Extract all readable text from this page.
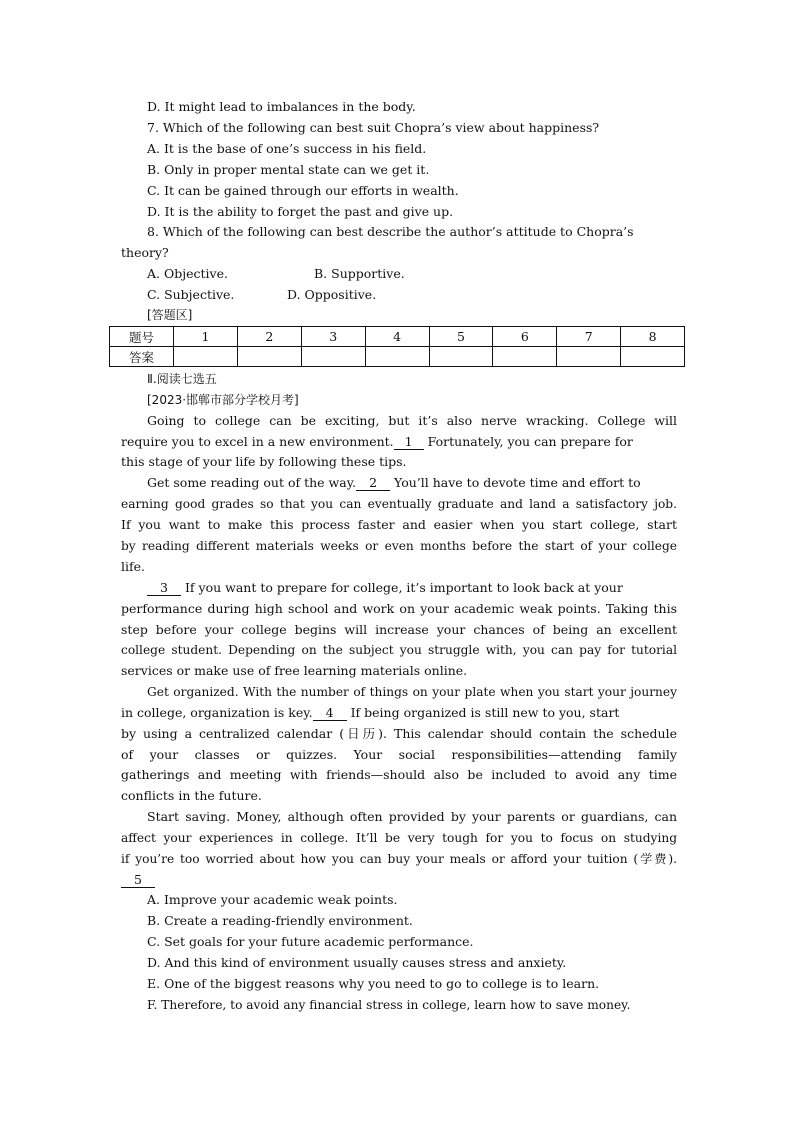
D. It might lead to imbalances in the body.
7. Which of the following can best suit Chopra’s view about happiness?
A. It is the base of one’s success in his field.
B. Only in proper mental state can we get it.
C. It can be gained through our efforts in wealth.
D. It is the ability to forget the past and give up.
8. Which of the following can best describe the author’s attitude to Chopra’s
theory?
A. Objective.	B. Supportive.
C. Subjective.	D. Oppositive.
[答题区]
题号	1	2	3	4	5	6	7	8
答案								
Ⅱ.阅读七选五
[2023·邯郸市部分学校月考]
Going to college can be exciting, but it’s also nerve wracking. College will
require you to excel in a new environment. 1 Fortunately, you can prepare for
this stage of your life by following these tips.
Get some reading out of the way. 2 You’ll have to devote time and effort to
earning good grades so that you can eventually graduate and land a satisfactory job.
If you want to make this process faster and easier when you start college, start
by reading different materials weeks or even months before the start of your college
life.
3 If you want to prepare for college, it’s important to look back at your
performance during high school and work on your academic weak points. Taking this
step before your college begins will increase your chances of being an excellent
college student. Depending on the subject you struggle with, you can pay for tutorial
services or make use of free learning materials online.
Get organized. With the number of things on your plate when you start your journey
in college, organization is key. 4 If being organized is still new to you, start
by using a centralized calendar (日历). This calendar should contain the schedule
of your classes or quizzes. Your social responsibilities—attending family
gatherings and meeting with friends—should also be included to avoid any time
conflicts in the future.
Start saving. Money, although often provided by your parents or guardians, can
affect your experiences in college. It’ll be very tough for you to focus on studying
if you’re too worried about how you can buy your meals or afford your tuition (学费).
5
A. Improve your academic weak points.
B. Create a reading-friendly environment.
C. Set goals for your future academic performance.
D. And this kind of environment usually causes stress and anxiety.
E. One of the biggest reasons why you need to go to college is to learn.
F. Therefore, to avoid any financial stress in college, learn how to save money.
